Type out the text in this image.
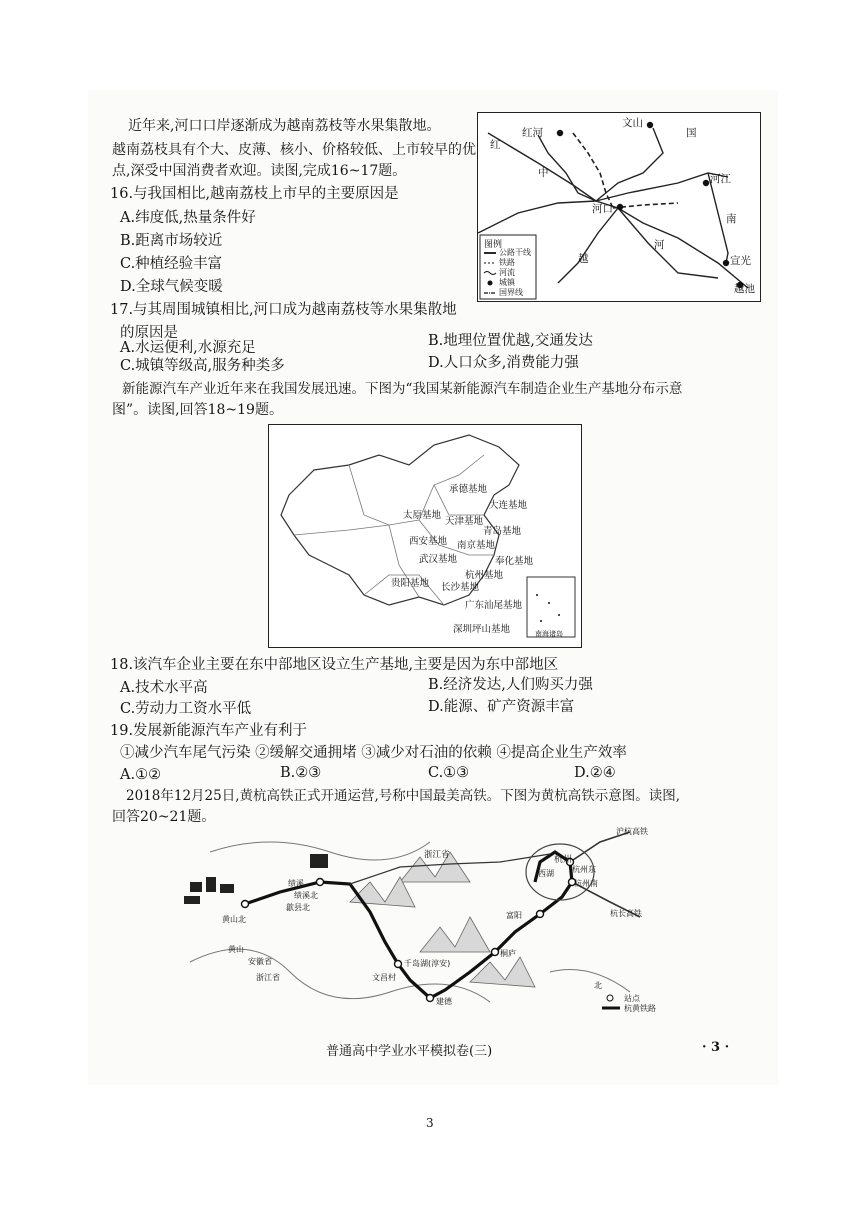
近年来,河口口岸逐渐成为越南荔枝等水果集散地。
越南荔枝具有个大、皮薄、核小、价格较低、上市较早的优
点,深受中国消费者欢迎。读图,完成16~17题。
16.与我国相比,越南荔枝上市早的主要原因是
A.纬度低,热量条件好
B.距离市场较近
C.种植经验丰富
D.全球气候变暖
17.与其周围城镇相比,河口成为越南荔枝等水果集散地
的原因是
A.水运便利,水源充足	B.地理位置优越,交通发达
C.城镇等级高,服务种类多	D.人口众多,消费能力强
红河
文山
国
红
中	河江
河口
南
越
河
宣光
越池
图例
公路干线
铁路
河流
城镇
国界线
新能源汽车产业近年来在我国发展迅速。下图为“我国某新能源汽车制造企业生产基地分布示意
图”。读图,回答18~19题。
承德基地
大连基地
太原基地
天津基地
青岛基地
西安基地 南京基地
武汉基地	奉化基地
杭州基地
贵阳基地 长沙基地
广东汕尾基地
深圳坪山基地	南海诸岛
18.该汽车企业主要在东中部地区设立生产基地,主要是因为东中部地区
A.技术水平高	B.经济发达,人们购买力强
C.劳动力工资水平低	D.能源、矿产资源丰富
19.发展新能源汽车产业有利于
①减少汽车尾气污染 ②缓解交通拥堵 ③减少对石油的依赖 ④提高企业生产效率
A.①②	B.②③	C.①③	D.②④
2018年12月25日,黄杭高铁正式开通运营,号称中国最美高铁。下图为黄杭高铁示意图。读图,
回答20~21题。
浙江省	杭州
杭州东
杭州南
西湖
富阳
桐庐
建德
千岛湖(淳安)
文昌村
黄山北
黄山
歙县北
绩溪
绩溪北
安徽省
浙江省
沪杭高铁
杭长高铁
杭黄铁路
站点
北
普通高中学业水平模拟卷(三)	· 3 ·
3
